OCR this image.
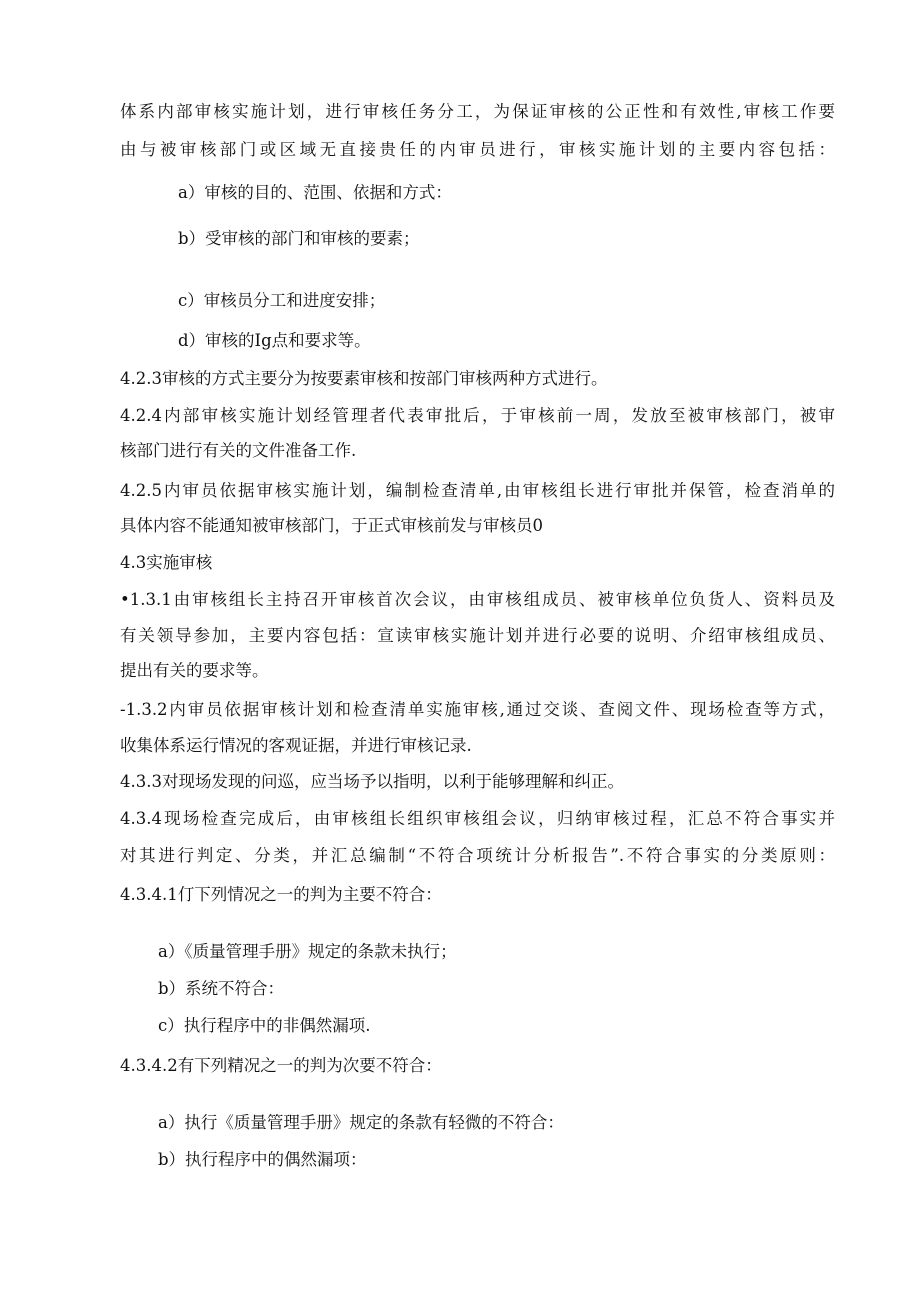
体系内部审核实施计划，进行审核任务分工，为保证审核的公正性和有效性,审核工作要
由与被审核部门或区域无直接贵任的内审员进行，审核实施计划的主要内容包括：
a）审核的目的、范围、依据和方式：
b）受审核的部门和审核的要素；
c）审核员分工和进度安排；
d）审核的Ig点和要求等。
4.2.3审核的方式主要分为按要素审核和按部门审核两种方式进行。
4.2.4内部审核实施计划经管理者代表审批后，于审核前一周，发放至被审核部门，被审
核部门进行有关的文件准备工作.
4.2.5内审员依据审核实施计划，编制检查清单,由审核组长进行审批并保管，检查消单的
具体内容不能通知被审核部门，于正式审核前发与审核员0
4.3实施审核
•1.3.1由审核组长主持召开审核首次会议，由审核组成员、被审核单位负货人、资料员及
有关领导参加，主要内容包括：宣读审核实施计划并进行必要的说明、介绍审核组成员、
提出有关的要求等。
-1.3.2内审员依据审核计划和检查清单实施审核,通过交谈、查阅文件、现场检查等方式，
收集体系运行情况的客观证据，并进行审核记录.
4.3.3对现场发现的问巡，应当场予以指明，以利于能够理解和纠正。
4.3.4现场检查完成后，由审核组长组织审核组会议，归纳审核过程，汇总不符合事实并
对其进行判定、分类，并汇总编制“不符合项统计分析报告”.不符合事实的分类原则：
4.3.4.1仃下列情况之一的判为主要不符合：
a）《质量管理手册》规定的条款未执行；
b）系统不符合：
c）执行程序中的非偶然漏项.
4.3.4.2有下列精况之一的判为次要不符合：
a）执行《质量管理手册》规定的条款有轻微的不符合：
b）执行程序中的偶然漏项：
